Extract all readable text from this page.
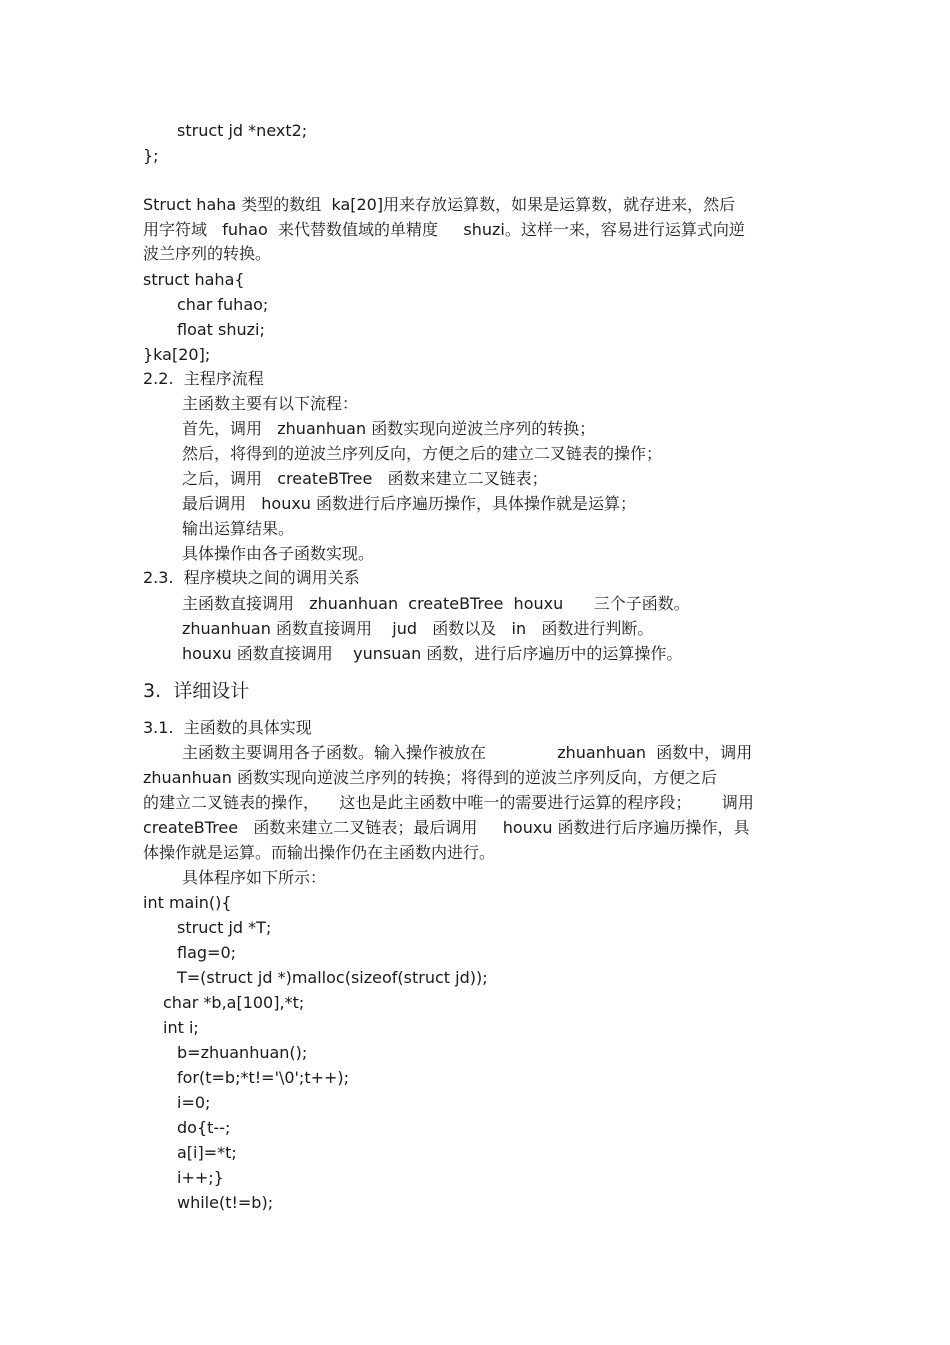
struct jd *next2;
};
Struct haha 类型的数组  ka[20]用来存放运算数，如果是运算数，就存进来，然后
用字符域   fuhao  来代替数值域的单精度     shuzi。这样一来，容易进行运算式向逆
波兰序列的转换。
struct haha{
char fuhao;
float shuzi;
}ka[20];
2.2.  主程序流程
主函数主要有以下流程：
首先，调用   zhuanhuan 函数实现向逆波兰序列的转换；
然后，将得到的逆波兰序列反向，方便之后的建立二叉链表的操作；
之后，调用   createBTree   函数来建立二叉链表；
最后调用   houxu 函数进行后序遍历操作，具体操作就是运算；
输出运算结果。
具体操作由各子函数实现。
2.3.  程序模块之间的调用关系
主函数直接调用   zhuanhuan  createBTree  houxu      三个子函数。
zhuanhuan 函数直接调用    jud   函数以及   in   函数进行判断。
houxu 函数直接调用    yunsuan 函数，进行后序遍历中的运算操作。
3.  详细设计
3.1.  主函数的具体实现
主函数主要调用各子函数。输入操作被放在              zhuanhuan  函数中，调用
zhuanhuan 函数实现向逆波兰序列的转换；将得到的逆波兰序列反向，方便之后
的建立二叉链表的操作，    这也是此主函数中唯一的需要进行运算的程序段；      调用
createBTree   函数来建立二叉链表；最后调用     houxu 函数进行后序遍历操作，具
体操作就是运算。而输出操作仍在主函数内进行。
具体程序如下所示：
int main(){
struct jd *T;
flag=0;
T=(struct jd *)malloc(sizeof(struct jd));
char *b,a[100],*t;
int i;
b=zhuanhuan();
for(t=b;*t!='\0';t++);
i=0;
do{t--;
a[i]=*t;
i++;}
while(t!=b);
